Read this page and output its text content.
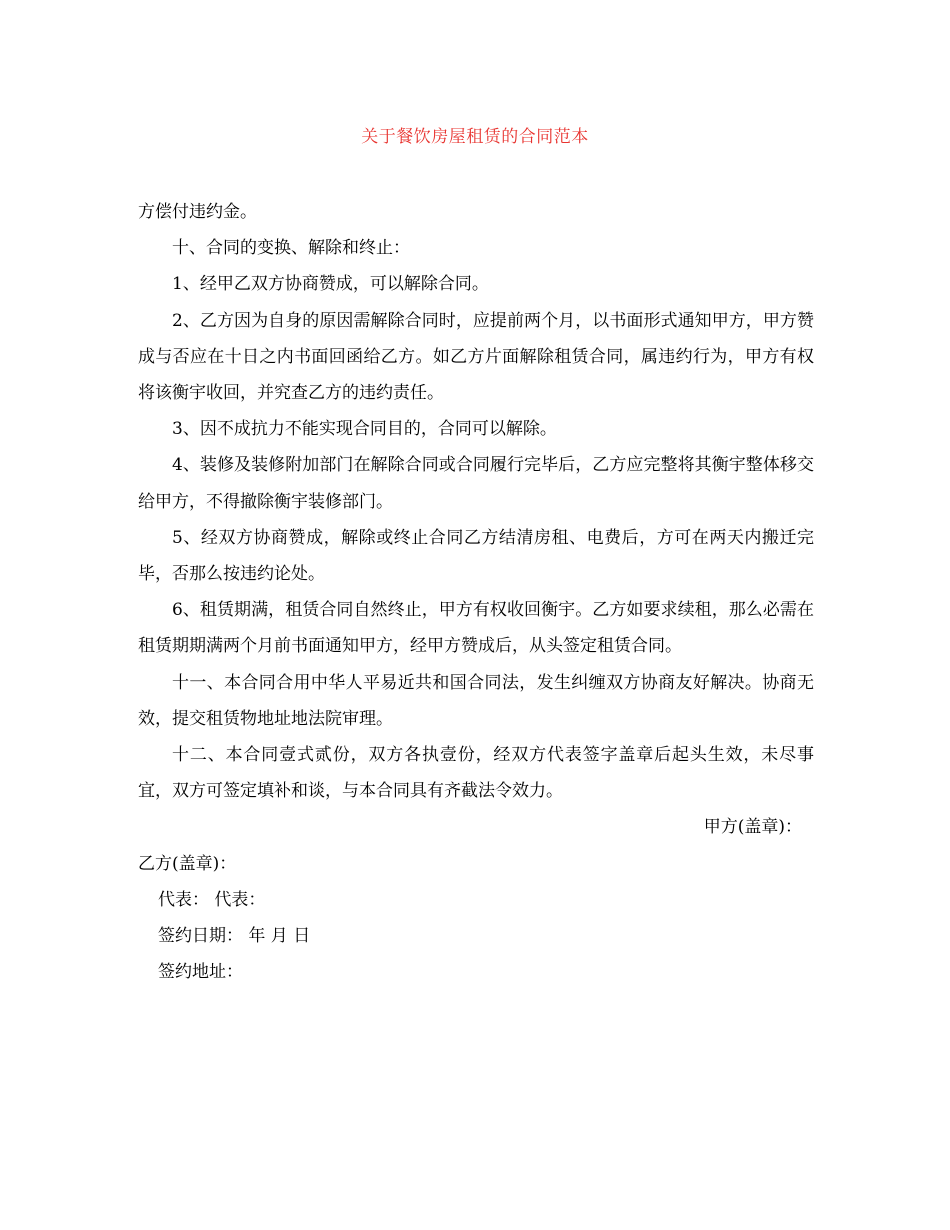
关于餐饮房屋租赁的合同范本

方偿付违约金。

十、合同的变换、解除和终止：

1、经甲乙双方协商赞成，可以解除合同。

2、乙方因为自身的原因需解除合同时，应提前两个月，以书面形式通知甲方，甲方赞成与否应在十日之内书面回函给乙方。如乙方片面解除租赁合同，属违约行为，甲方有权将该衡宇收回，并究查乙方的违约责任。

3、因不成抗力不能实现合同目的，合同可以解除。

4、装修及装修附加部门在解除合同或合同履行完毕后，乙方应完整将其衡宇整体移交给甲方，不得撤除衡宇装修部门。

5、经双方协商赞成，解除或终止合同乙方结清房租、电费后，方可在两天内搬迁完毕，否那么按违约论处。

6、租赁期满，租赁合同自然终止，甲方有权收回衡宇。乙方如要求续租，那么必需在租赁期期满两个月前书面通知甲方，经甲方赞成后，从头签定租赁合同。

十一、本合同合用中华人平易近共和国合同法，发生纠缠双方协商友好解决。协商无效，提交租赁物地址地法院审理。

十二、本合同壹式贰份，双方各执壹份，经双方代表签字盖章后起头生效，未尽事宜，双方可签定填补和谈，与本合同具有齐截法令效力。

甲方(盖章)：

乙方(盖章)：

代表： 代表：

签约日期： 年 月 日

签约地址：
